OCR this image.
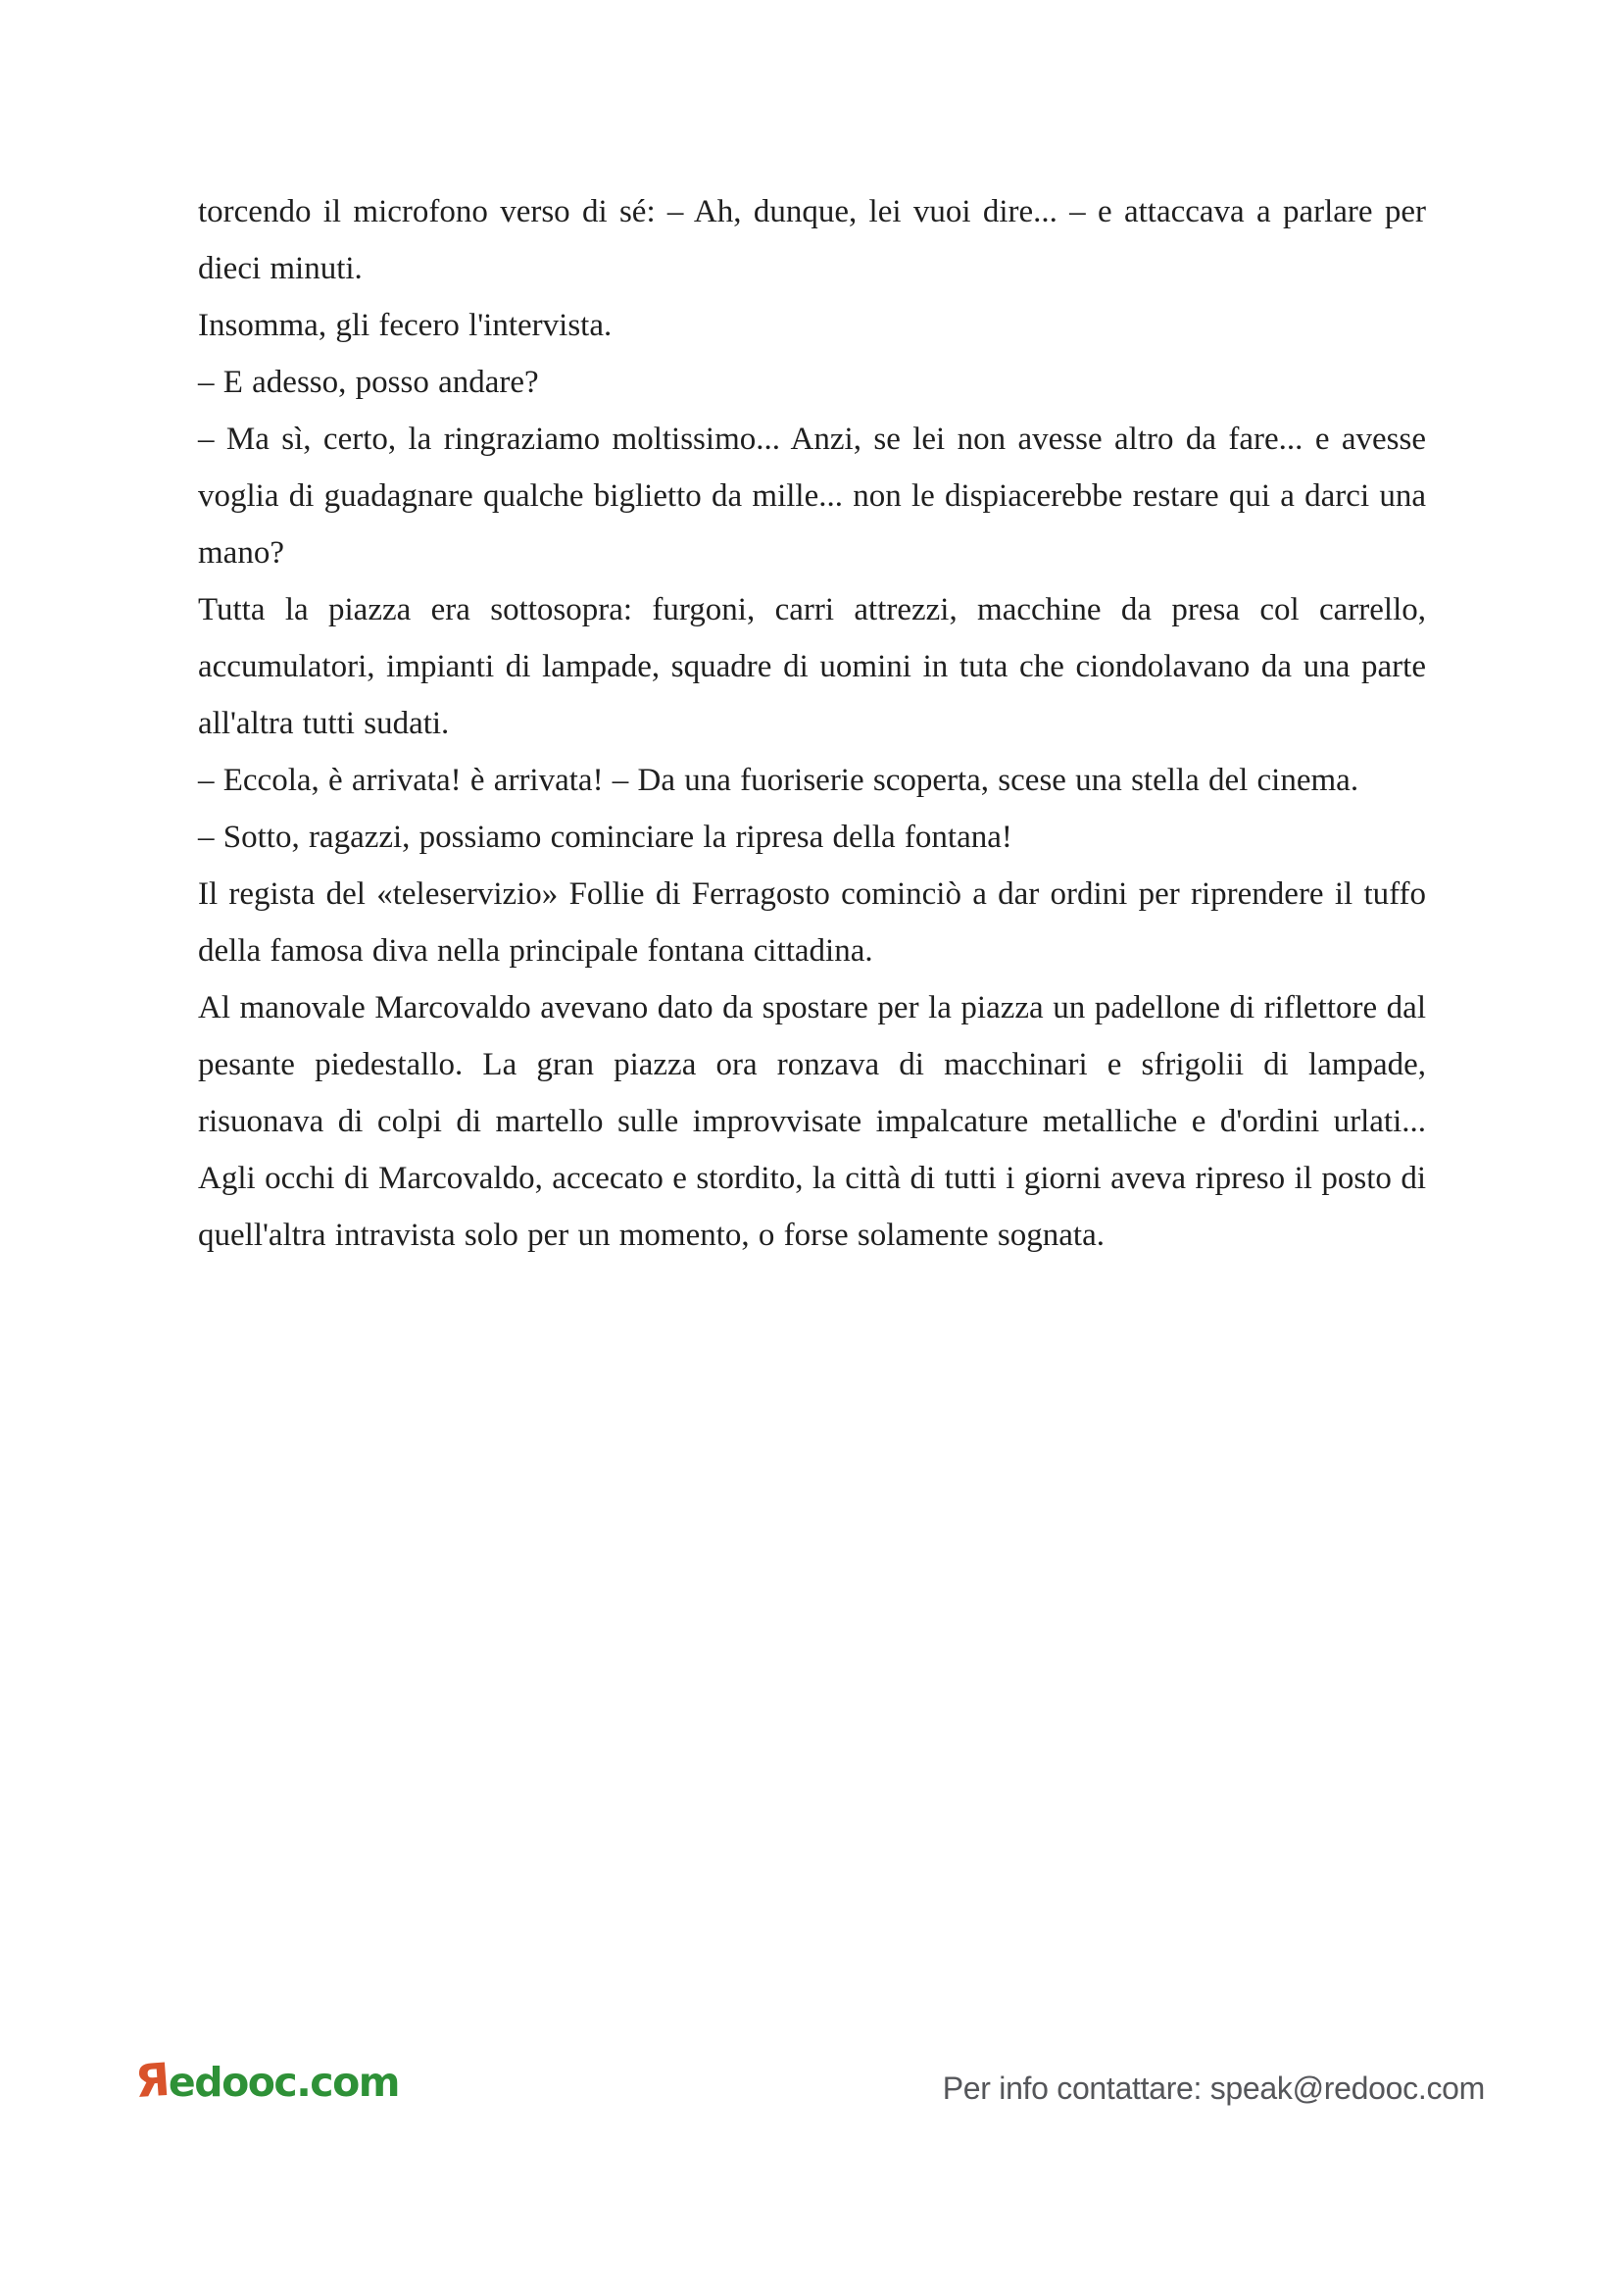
torcendo il microfono verso di sé: – Ah, dunque, lei vuoi dire... – e attaccava a parlare per dieci minuti.

Insomma, gli fecero l'intervista.

– E adesso, posso andare?

– Ma sì, certo, la ringraziamo moltissimo... Anzi, se lei non avesse altro da fare... e avesse voglia di guadagnare qualche biglietto da mille... non le dispiacerebbe restare qui a darci una mano?

Tutta la piazza era sottosopra: furgoni, carri attrezzi, macchine da presa col carrello, accumulatori, impianti di lampade, squadre di uomini in tuta che ciondolavano da una parte all'altra tutti sudati.

– Eccola, è arrivata! è arrivata! – Da una fuoriserie scoperta, scese una stella del cinema.

– Sotto, ragazzi, possiamo cominciare la ripresa della fontana!

Il regista del «teleservizio» Follie di Ferragosto cominciò a dar ordini per riprendere il tuffo della famosa diva nella principale fontana cittadina.

Al manovale Marcovaldo avevano dato da spostare per la piazza un padellone di riflettore dal pesante piedestallo. La gran piazza ora ronzava di macchinari e sfrigolii di lampade, risuonava di colpi di martello sulle improvvisate impalcature metalliche e d'ordini urlati... Agli occhi di Marcovaldo, accecato e stordito, la città di tutti i giorni aveva ripreso il posto di quell'altra intravista solo per un momento, o forse solamente sognata.

Яedooc.com	Per info contattare: speak@redooc.com
